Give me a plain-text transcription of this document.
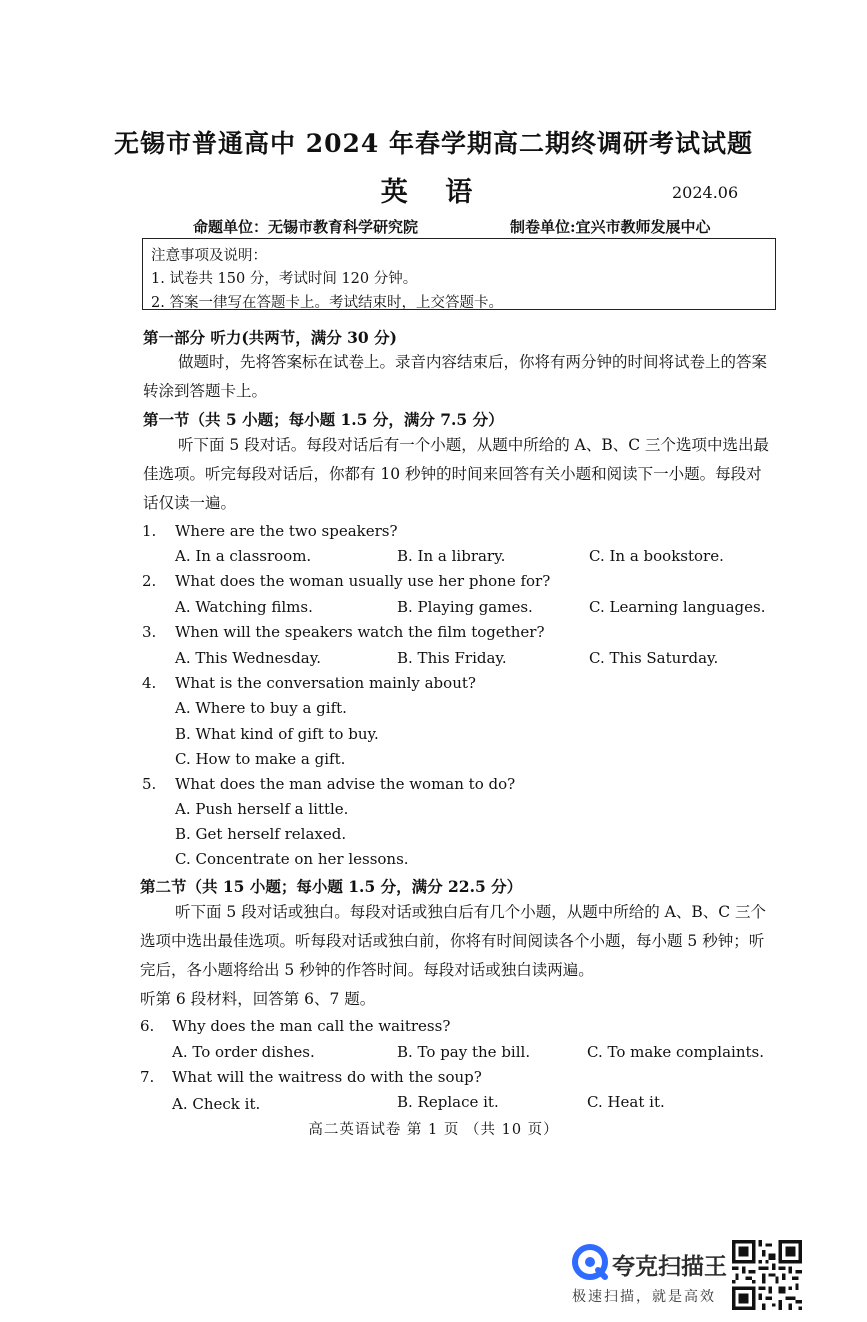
无锡市普通高中 2024 年春学期高二期终调研考试试题
英 语	2024.06
命题单位：无锡市教育科学研究院	制卷单位:宜兴市教师发展中心
注意事项及说明：
1. 试卷共 150 分，考试时间 120 分钟。
2. 答案一律写在答题卡上。考试结束时，上交答题卡。
第一部分 听力(共两节，满分 30 分)
做题时，先将答案标在试卷上。录音内容结束后，你将有两分钟的时间将试卷上的答案
转涂到答题卡上。
第一节（共 5 小题；每小题 1.5 分，满分 7.5 分）
听下面 5 段对话。每段对话后有一个小题，从题中所给的 A、B、C 三个选项中选出最
佳选项。听完每段对话后，你都有 10 秒钟的时间来回答有关小题和阅读下一小题。每段对
话仅读一遍。
1. Where are the two speakers?
A. In a classroom.	B. In a library.	C. In a bookstore.
2. What does the woman usually use her phone for?
A. Watching films.	B. Playing games.	C. Learning languages.
3. When will the speakers watch the film together?
A. This Wednesday.	B. This Friday.	C. This Saturday.
4. What is the conversation mainly about?
A. Where to buy a gift.
B. What kind of gift to buy.
C. How to make a gift.
5. What does the man advise the woman to do?
A. Push herself a little.
B. Get herself relaxed.
C. Concentrate on her lessons.
第二节（共 15 小题；每小题 1.5 分，满分 22.5 分）
听下面 5 段对话或独白。每段对话或独白后有几个小题，从题中所给的 A、B、C 三个
选项中选出最佳选项。听每段对话或独白前，你将有时间阅读各个小题，每小题 5 秒钟；听
完后，各小题将给出 5 秒钟的作答时间。每段对话或独白读两遍。
听第 6 段材料，回答第 6、7 题。
6. Why does the man call the waitress?
A. To order dishes.	B. To pay the bill.	C. To make complaints.
7. What will the waitress do with the soup?
A. Check it.	B. Replace it.	C. Heat it.
高二英语试卷 第 1 页 （共 10 页）
夸克扫描王
极速扫描，就是高效
